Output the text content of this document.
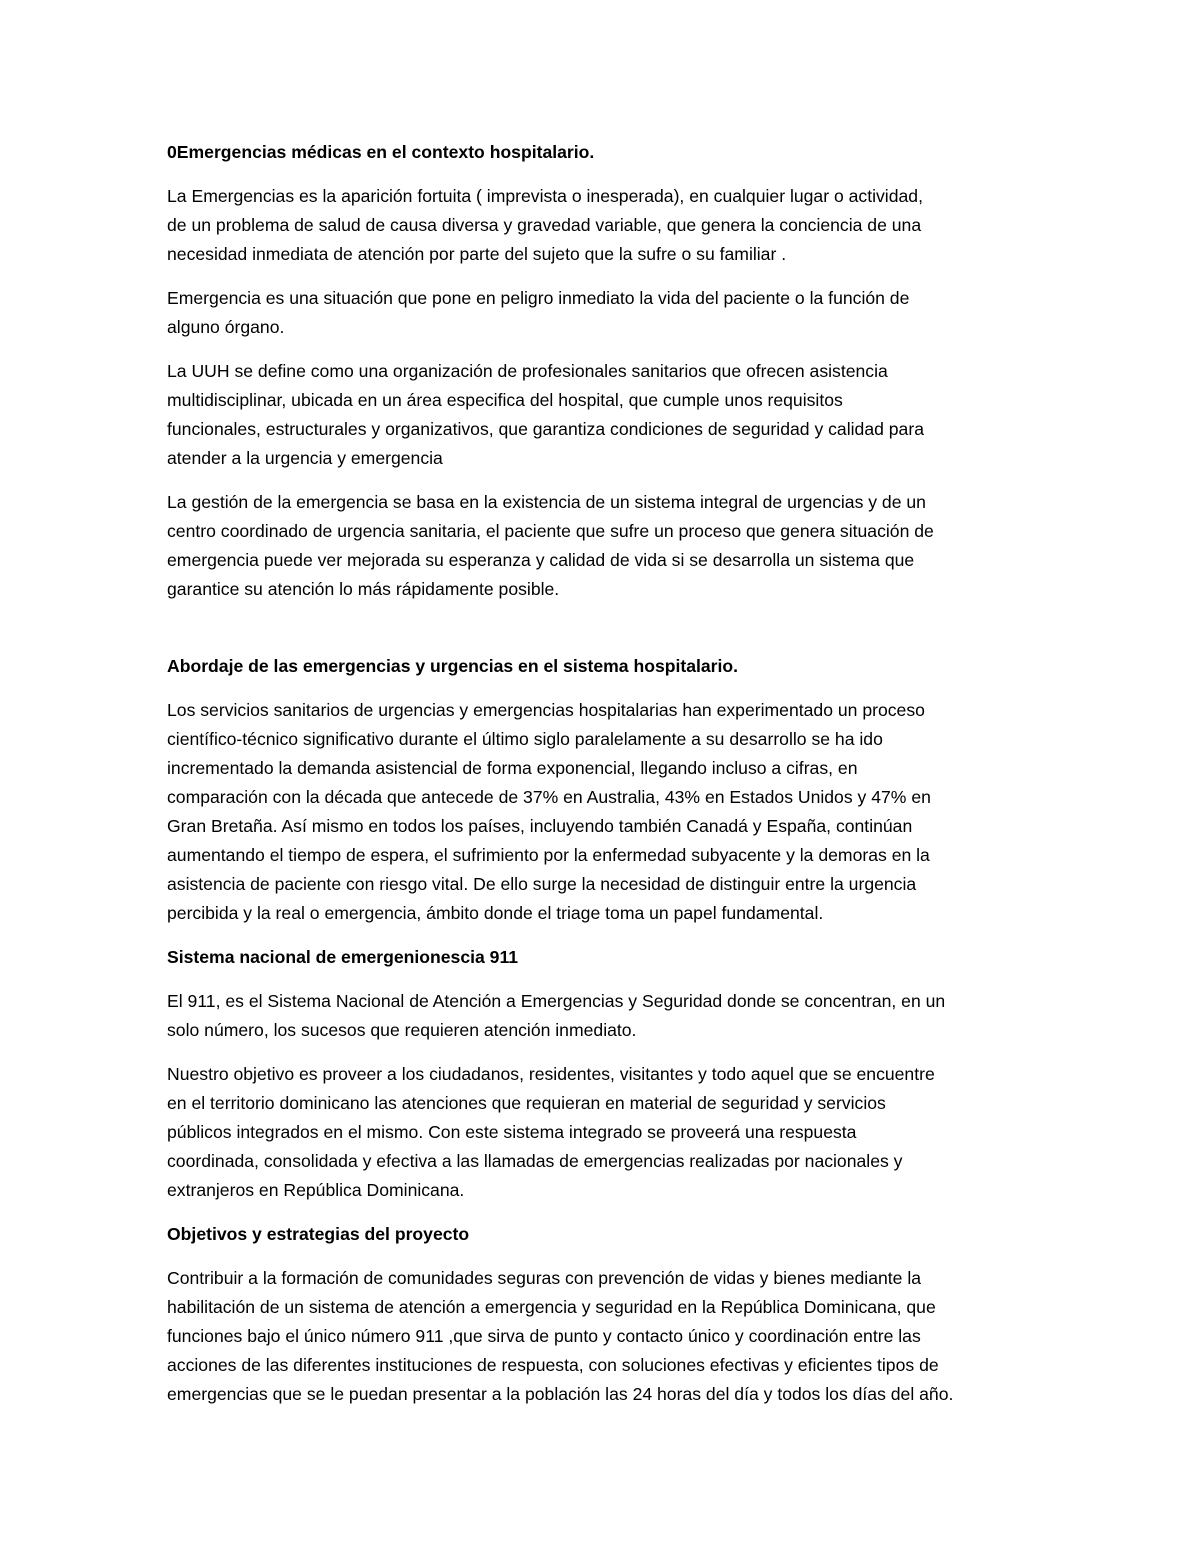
0Emergencias médicas en el contexto hospitalario.
La Emergencias es la aparición fortuita ( imprevista o inesperada), en cualquier lugar o actividad,
de un problema de salud de causa diversa y gravedad variable, que genera la conciencia de una
necesidad inmediata de atención por parte del sujeto que la sufre o su familiar .
Emergencia es una situación que pone en peligro inmediato la vida del paciente o la función de
alguno órgano.
La UUH se define como una organización de profesionales sanitarios que ofrecen asistencia
multidisciplinar, ubicada en un área especifica del hospital, que cumple unos requisitos
funcionales, estructurales y organizativos, que garantiza condiciones de seguridad y calidad para
atender a la urgencia y emergencia
La gestión de la emergencia se basa en la existencia de un sistema integral de urgencias y de un
centro coordinado de urgencia sanitaria, el paciente que sufre un proceso que genera situación de
emergencia puede ver mejorada su esperanza y calidad de vida si se desarrolla un sistema que
garantice su atención lo más rápidamente posible.
Abordaje de las emergencias y urgencias en el sistema hospitalario.
Los servicios sanitarios de urgencias y emergencias hospitalarias han experimentado un proceso
científico-técnico significativo durante el último siglo paralelamente a su desarrollo se ha ido
incrementado la demanda asistencial de forma exponencial, llegando incluso a cifras, en
comparación con la década que antecede de 37% en Australia, 43% en Estados Unidos y 47% en
Gran Bretaña. Así mismo en todos los países, incluyendo también Canadá y España, continúan
aumentando el tiempo de espera, el sufrimiento por la enfermedad subyacente y la demoras en la
asistencia de paciente con riesgo vital. De ello surge la necesidad de distinguir entre la urgencia
percibida y la real o emergencia, ámbito donde el triage toma un papel fundamental.
Sistema nacional de emergenionescia 911
El 911, es el Sistema Nacional de Atención a Emergencias y Seguridad donde se concentran, en un
solo número, los sucesos que requieren atención inmediato.
Nuestro objetivo es proveer a los ciudadanos, residentes, visitantes y todo aquel que se encuentre
en el territorio dominicano las atenciones que requieran en material de seguridad y servicios
públicos integrados en el mismo. Con este sistema integrado se proveerá una respuesta
coordinada, consolidada y efectiva a las llamadas de emergencias realizadas por nacionales y
extranjeros en República Dominicana.
Objetivos y estrategias del proyecto
Contribuir a la formación de comunidades seguras con prevención de vidas y bienes mediante la
habilitación de un sistema de atención a emergencia y seguridad en la República Dominicana, que
funciones bajo el único número 911 ,que sirva de punto y contacto único y coordinación entre las
acciones de las diferentes instituciones de respuesta, con soluciones efectivas y eficientes tipos de
emergencias que se le puedan presentar a la población las 24 horas del día y todos los días del año.
